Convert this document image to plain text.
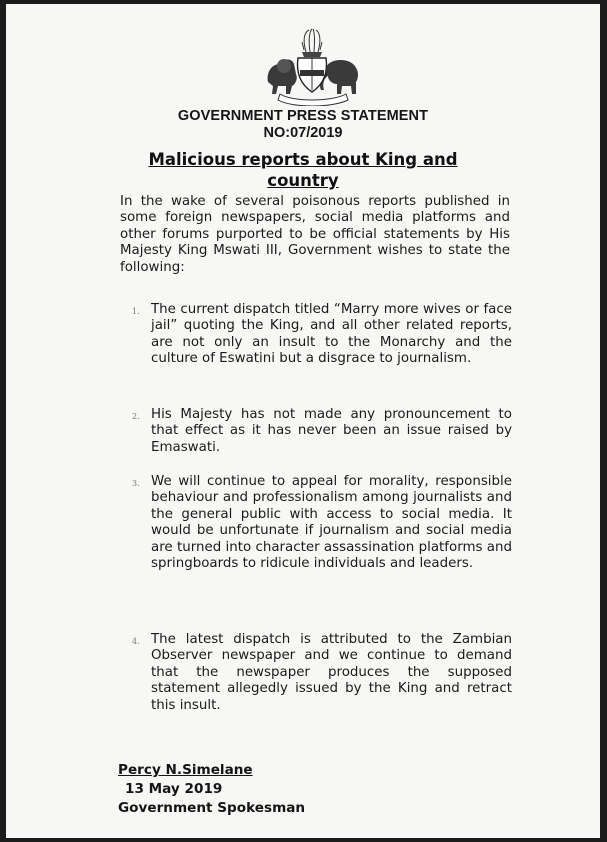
GOVERNMENT PRESS STATEMENT
NO:07/2019
Malicious reports about King and country
In the wake of several poisonous reports published in some foreign newspapers, social media platforms and other forums purported to be official statements by His Majesty King Mswati III, Government wishes to state the following:
1. The current dispatch titled “Marry more wives or face jail” quoting the King, and all other related reports, are not only an insult to the Monarchy and the culture of Eswatini but a disgrace to journalism.
2. His Majesty has not made any pronouncement to that effect as it has never been an issue raised by Emaswati.
3. We will continue to appeal for morality, responsible behaviour and professionalism among journalists and the general public with access to social media. It would be unfortunate if journalism and social media are turned into character assassination platforms and springboards to ridicule individuals and leaders.
4. The latest dispatch is attributed to the Zambian Observer newspaper and we continue to demand that the newspaper produces the supposed statement allegedly issued by the King and retract this insult.
Percy N.Simelane
13 May 2019
Government Spokesman
